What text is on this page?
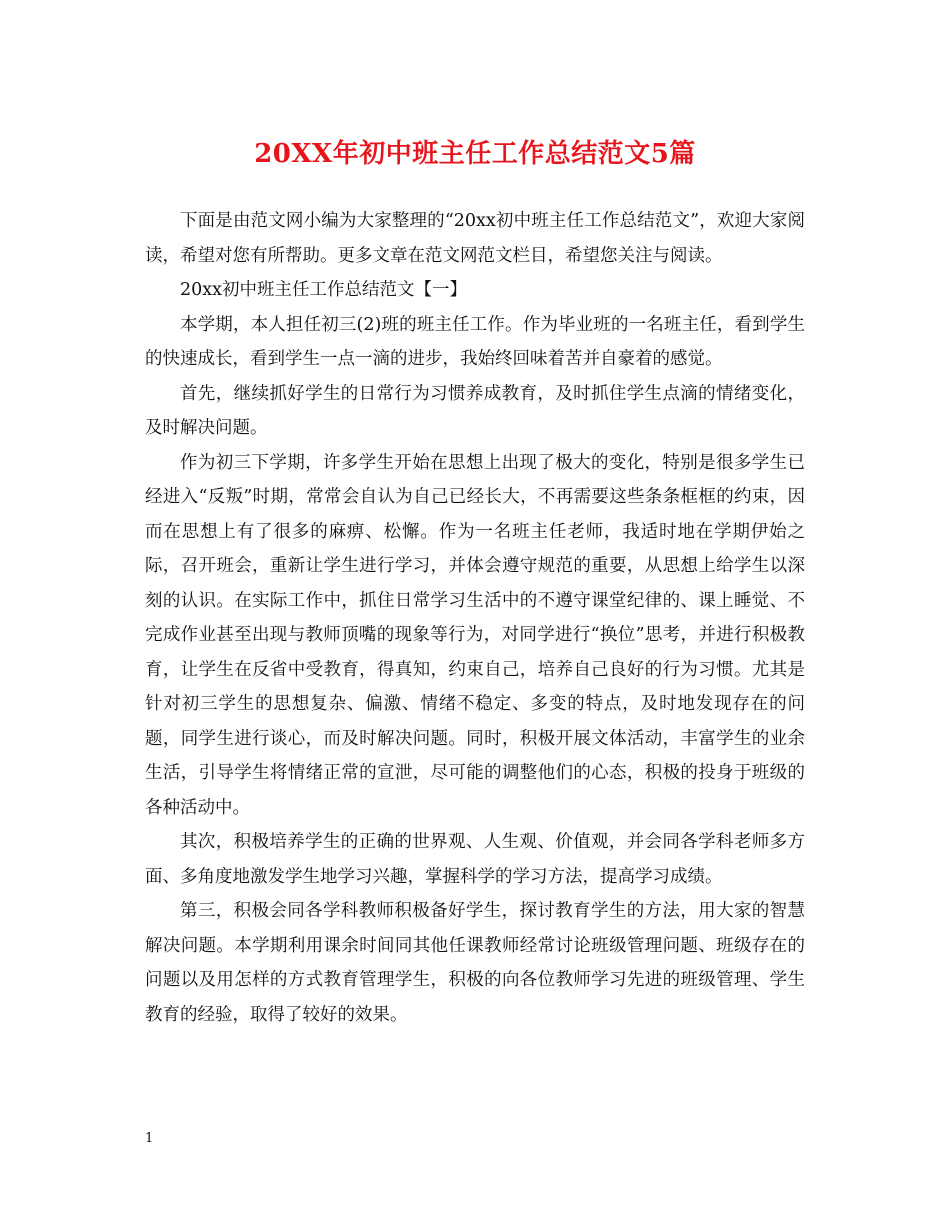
20XX年初中班主任工作总结范文5篇

下面是由范文网小编为大家整理的“20xx初中班主任工作总结范文”，欢迎大家阅读，希望对您有所帮助。更多文章在范文网范文栏目，希望您关注与阅读。

20xx初中班主任工作总结范文【一】

本学期，本人担任初三(2)班的班主任工作。作为毕业班的一名班主任，看到学生的快速成长，看到学生一点一滴的进步，我始终回味着苦并自豪着的感觉。

首先，继续抓好学生的日常行为习惯养成教育，及时抓住学生点滴的情绪变化，及时解决问题。

作为初三下学期，许多学生开始在思想上出现了极大的变化，特别是很多学生已经进入“反叛”时期，常常会自认为自己已经长大，不再需要这些条条框框的约束，因而在思想上有了很多的麻痹、松懈。作为一名班主任老师，我适时地在学期伊始之际，召开班会，重新让学生进行学习，并体会遵守规范的重要，从思想上给学生以深刻的认识。在实际工作中，抓住日常学习生活中的不遵守课堂纪律的、课上睡觉、不完成作业甚至出现与教师顶嘴的现象等行为，对同学进行“换位”思考，并进行积极教育，让学生在反省中受教育，得真知，约束自己，培养自己良好的行为习惯。尤其是针对初三学生的思想复杂、偏激、情绪不稳定、多变的特点，及时地发现存在的问题，同学生进行谈心，而及时解决问题。同时，积极开展文体活动，丰富学生的业余生活，引导学生将情绪正常的宣泄，尽可能的调整他们的心态，积极的投身于班级的各种活动中。

其次，积极培养学生的正确的世界观、人生观、价值观，并会同各学科老师多方面、多角度地激发学生地学习兴趣，掌握科学的学习方法，提高学习成绩。

第三，积极会同各学科教师积极备好学生，探讨教育学生的方法，用大家的智慧解决问题。本学期利用课余时间同其他任课教师经常讨论班级管理问题、班级存在的问题以及用怎样的方式教育管理学生，积极的向各位教师学习先进的班级管理、学生教育的经验，取得了较好的效果。

1
